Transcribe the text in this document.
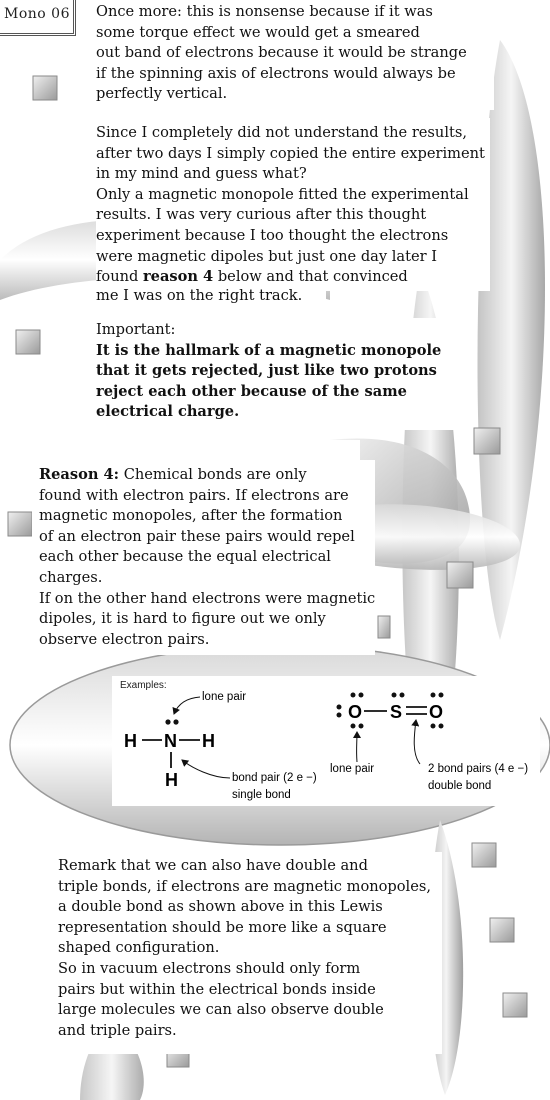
Mono 06 Once more: this is nonsense because if it was
some torque effect we would get a smeared
out band of electrons because it would be strange
if the spinning axis of electrons would always be
perfectly vertical.
Since I completely did not understand the results,
after two days I simply copied the entire experiment
in my mind and guess what?
Only a magnetic monopole fitted the experimental
results. I was very curious after this thought
experiment because I too thought the electrons
were magnetic dipoles but just one day later I
found reason 4 below and that convinced
me I was on the right track.
Important:
It is the hallmark of a magnetic monopole
that it gets rejected, just like two protons
reject each other because of the same
electrical charge.
Reason 4: Chemical bonds are only
found with electron pairs. If electrons are
magnetic monopoles, after the formation
of an electron pair these pairs would repel
each other because the equal electrical
charges.
If on the other hand electrons were magnetic
dipoles, it is hard to figure out we only
observe electron pairs.
Examples:
H N H
H
lone pair
bond pair (2 e −)
single bond
O S O
lone pair	2 bond pairs (4 e −)
double bond
Remark that we can also have double and
triple bonds, if electrons are magnetic monopoles,
a double bond as shown above in this Lewis
representation should be more like a square
shaped configuration.
So in vacuum electrons should only form
pairs but within the electrical bonds inside
large molecules we can also observe double
and triple pairs.
